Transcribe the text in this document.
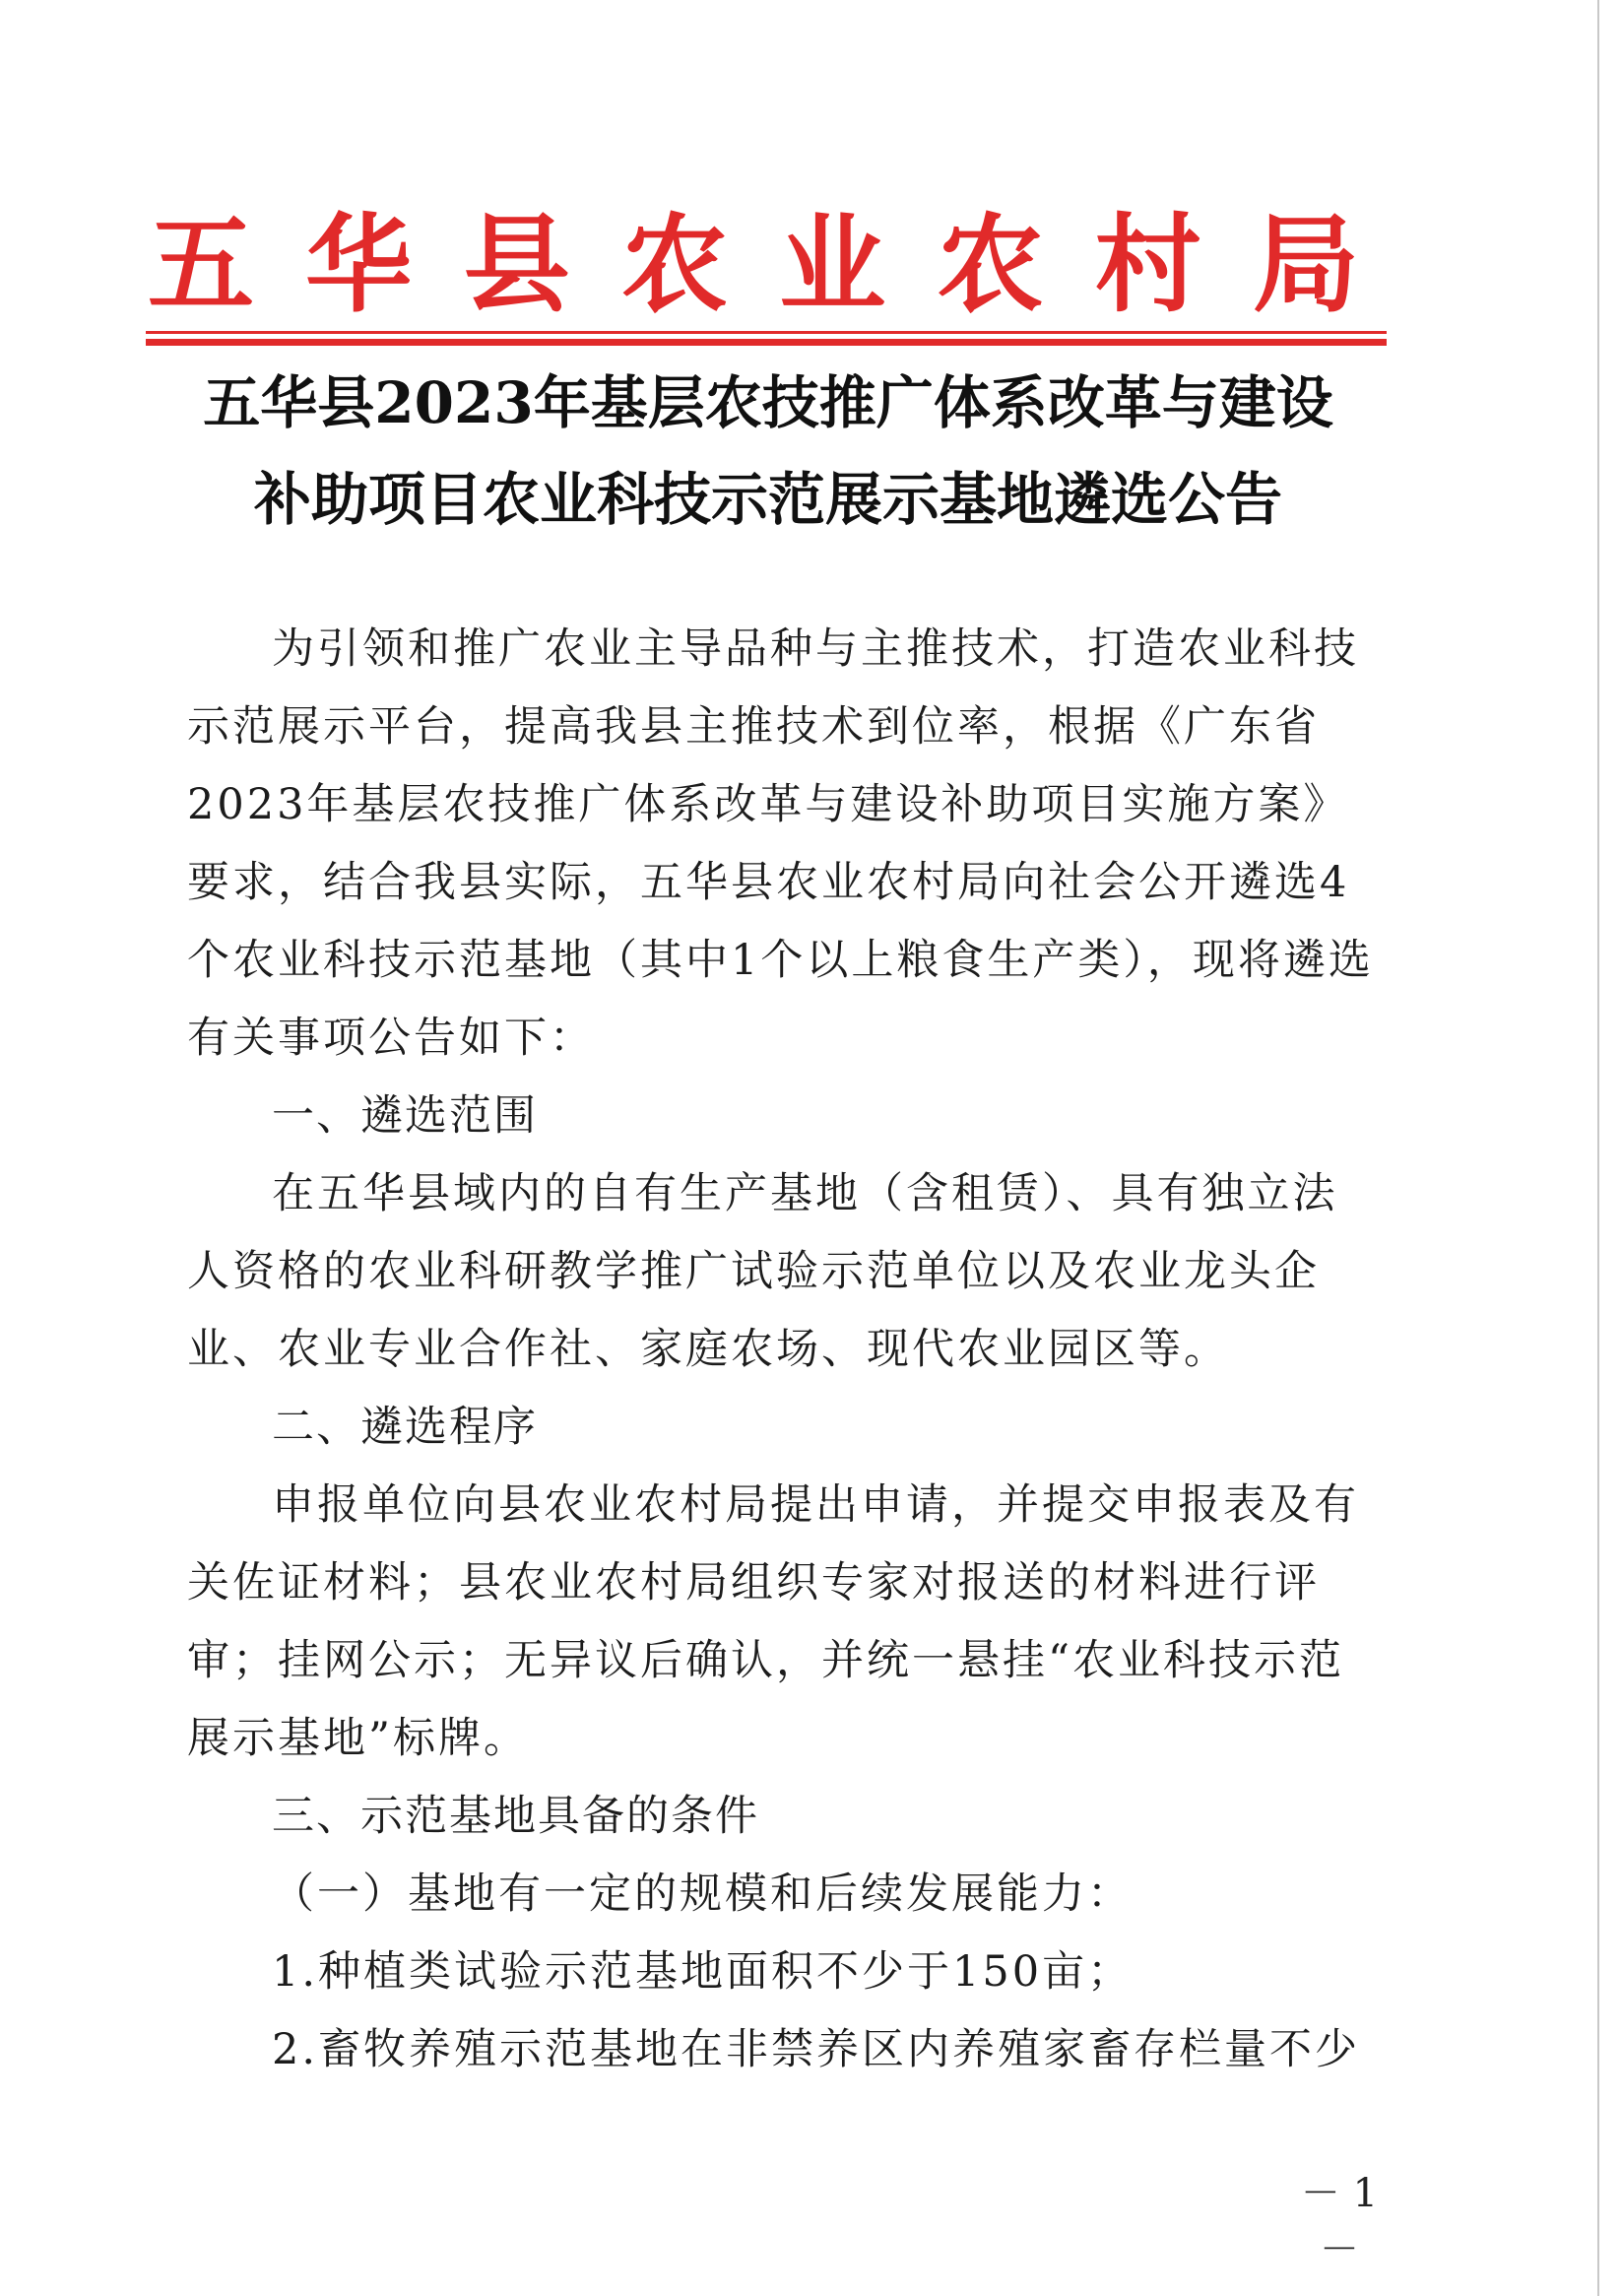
五 华 县 农 业 农 村 局
五华县2023年基层农技推广体系改革与建设
补助项目农业科技示范展示基地遴选公告

为引领和推广农业主导品种与主推技术，打造农业科技示范展示平台，提高我县主推技术到位率，根据《广东省2023年基层农技推广体系改革与建设补助项目实施方案》要求，结合我县实际，五华县农业农村局向社会公开遴选4个农业科技示范基地（其中1个以上粮食生产类），现将遴选有关事项公告如下：

一、遴选范围

在五华县域内的自有生产基地（含租赁）、具有独立法人资格的农业科研教学推广试验示范单位以及农业龙头企业、农业专业合作社、家庭农场、现代农业园区等。

二、遴选程序

申报单位向县农业农村局提出申请，并提交申报表及有关佐证材料；县农业农村局组织专家对报送的材料进行评审；挂网公示；无异议后确认，并统一悬挂“农业科技示范展示基地”标牌。

三、示范基地具备的条件

（一）基地有一定的规模和后续发展能力：

1.种植类试验示范基地面积不少于150亩；

2.畜牧养殖示范基地在非禁养区内养殖家畜存栏量不少

－ 1 －
